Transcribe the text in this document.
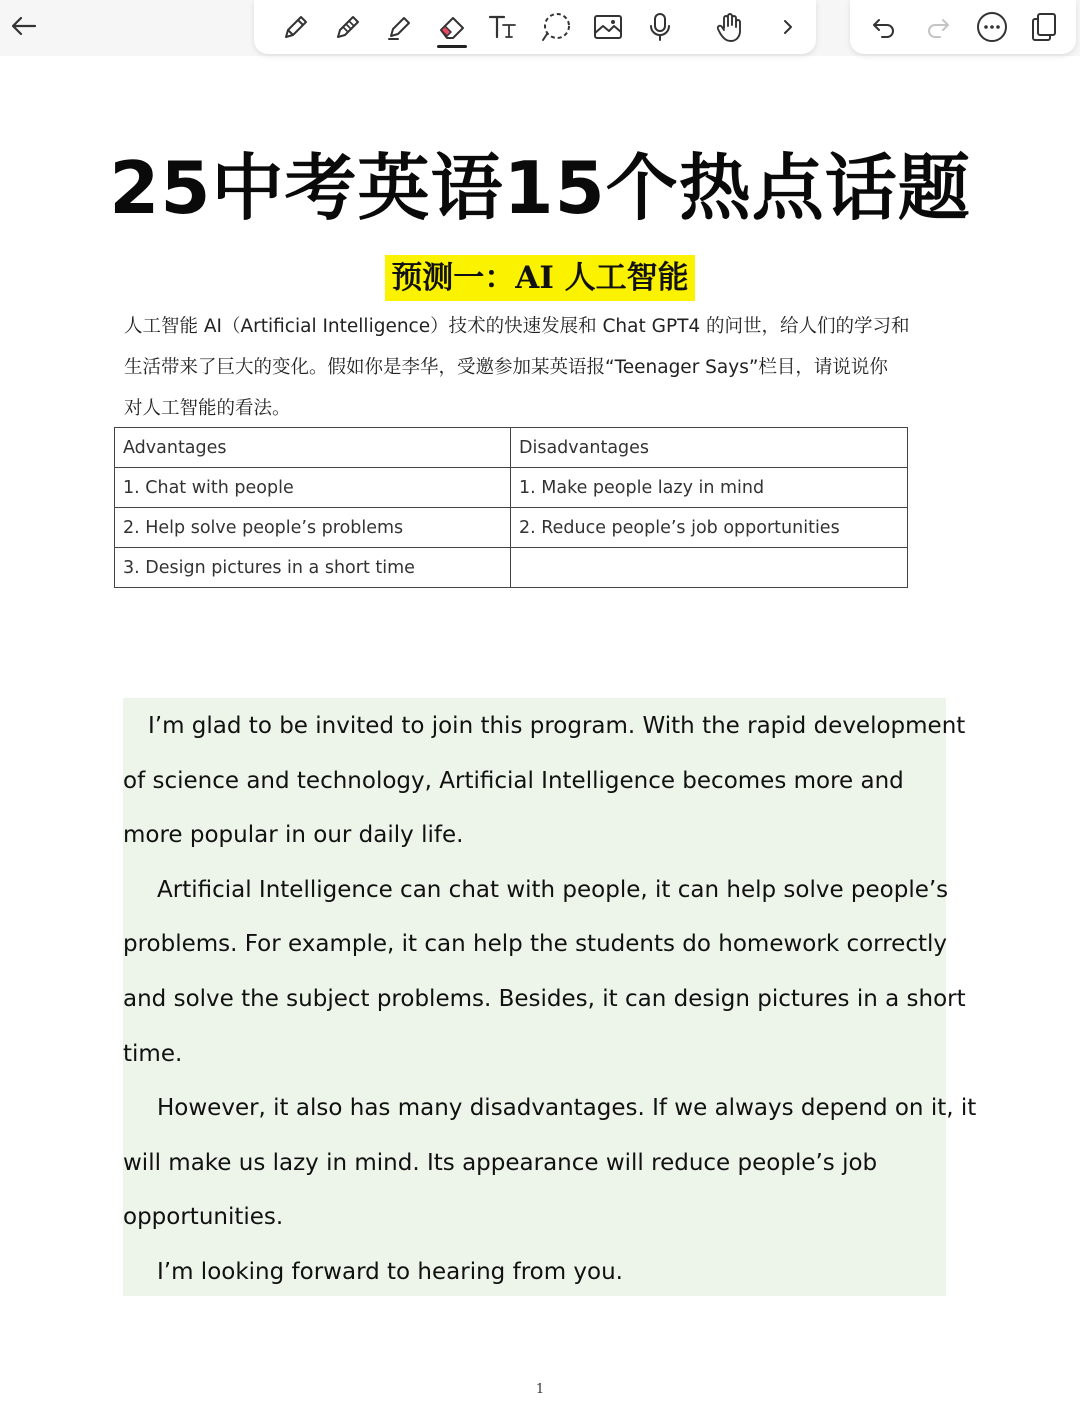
25中考英语15个热点话题
预测一：AI 人工智能
人工智能 AI（Artificial Intelligence）技术的快速发展和 Chat GPT4 的问世，给人们的学习和
生活带来了巨大的变化。假如你是李华，受邀参加某英语报“Teenager Says”栏目，请说说你
对人工智能的看法。
Advantages	Disadvantages
1. Chat with people	1. Make people lazy in mind
2. Help solve people’s problems	2. Reduce people’s job opportunities
3. Design pictures in a short time	

I’m glad to be invited to join this program. With the rapid development

of science and technology, Artificial Intelligence becomes more and

more popular in our daily life.

Artificial Intelligence can chat with people, it can help solve people’s

problems. For example, it can help the students do homework correctly

and solve the subject problems. Besides, it can design pictures in a short

time.

However, it also has many disadvantages. If we always depend on it, it

will make us lazy in mind. Its appearance will reduce people’s job

opportunities.

I’m looking forward to hearing from you.

1
